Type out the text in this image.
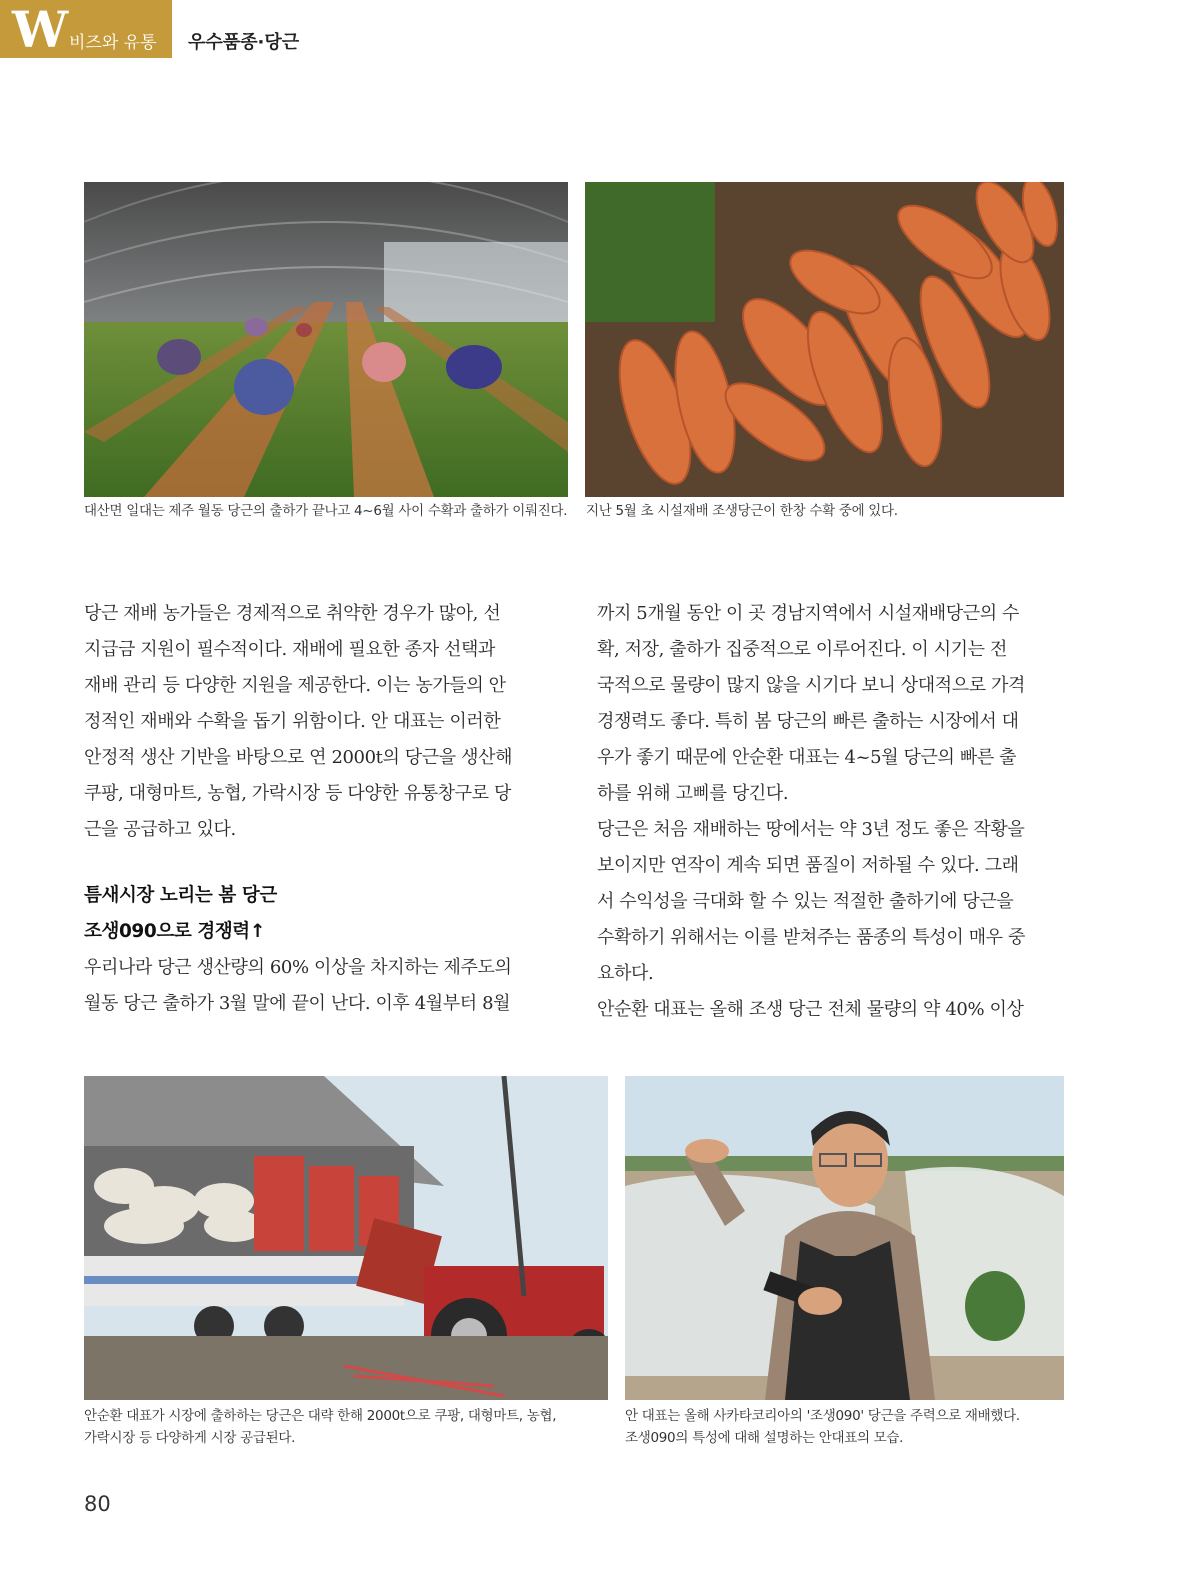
W 비즈와 유통 우수품종·당근
대산면 일대는 제주 월동 당근의 출하가 끝나고 4~6월 사이 수확과 출하가 이뤄진다. 지난 5월 초 시설재배 조생당근이 한창 수확 중에 있다.

당근 재배 농가들은 경제적으로 취약한 경우가 많아, 선
지급금 지원이 필수적이다. 재배에 필요한 종자 선택과
재배 관리 등 다양한 지원을 제공한다. 이는 농가들의 안
정적인 재배와 수확을 돕기 위함이다. 안 대표는 이러한
안정적 생산 기반을 바탕으로 연 2000t의 당근을 생산해
쿠팡, 대형마트, 농협, 가락시장 등 다양한 유통창구로 당
근을 공급하고 있다.

틈새시장 노리는 봄 당근
조생090으로 경쟁력↑

우리나라 당근 생산량의 60% 이상을 차지하는 제주도의
월동 당근 출하가 3월 말에 끝이 난다. 이후 4월부터 8월

까지 5개월 동안 이 곳 경남지역에서 시설재배당근의 수
확, 저장, 출하가 집중적으로 이루어진다. 이 시기는 전
국적으로 물량이 많지 않을 시기다 보니 상대적으로 가격
경쟁력도 좋다. 특히 봄 당근의 빠른 출하는 시장에서 대
우가 좋기 때문에 안순환 대표는 4~5월 당근의 빠른 출
하를 위해 고삐를 당긴다.

당근은 처음 재배하는 땅에서는 약 3년 정도 좋은 작황을
보이지만 연작이 계속 되면 품질이 저하될 수 있다. 그래
서 수익성을 극대화 할 수 있는 적절한 출하기에 당근을
수확하기 위해서는 이를 받쳐주는 품종의 특성이 매우 중
요하다.

안순환 대표는 올해 조생 당근 전체 물량의 약 40% 이상

안순환 대표가 시장에 출하하는 당근은 대략 한해 2000t으로 쿠팡, 대형마트, 농협,
가락시장 등 다양하게 시장 공급된다.
안 대표는 올해 사카타코리아의 '조생090' 당근을 주력으로 재배했다.
조생090의 특성에 대해 설명하는 안대표의 모습.
80
